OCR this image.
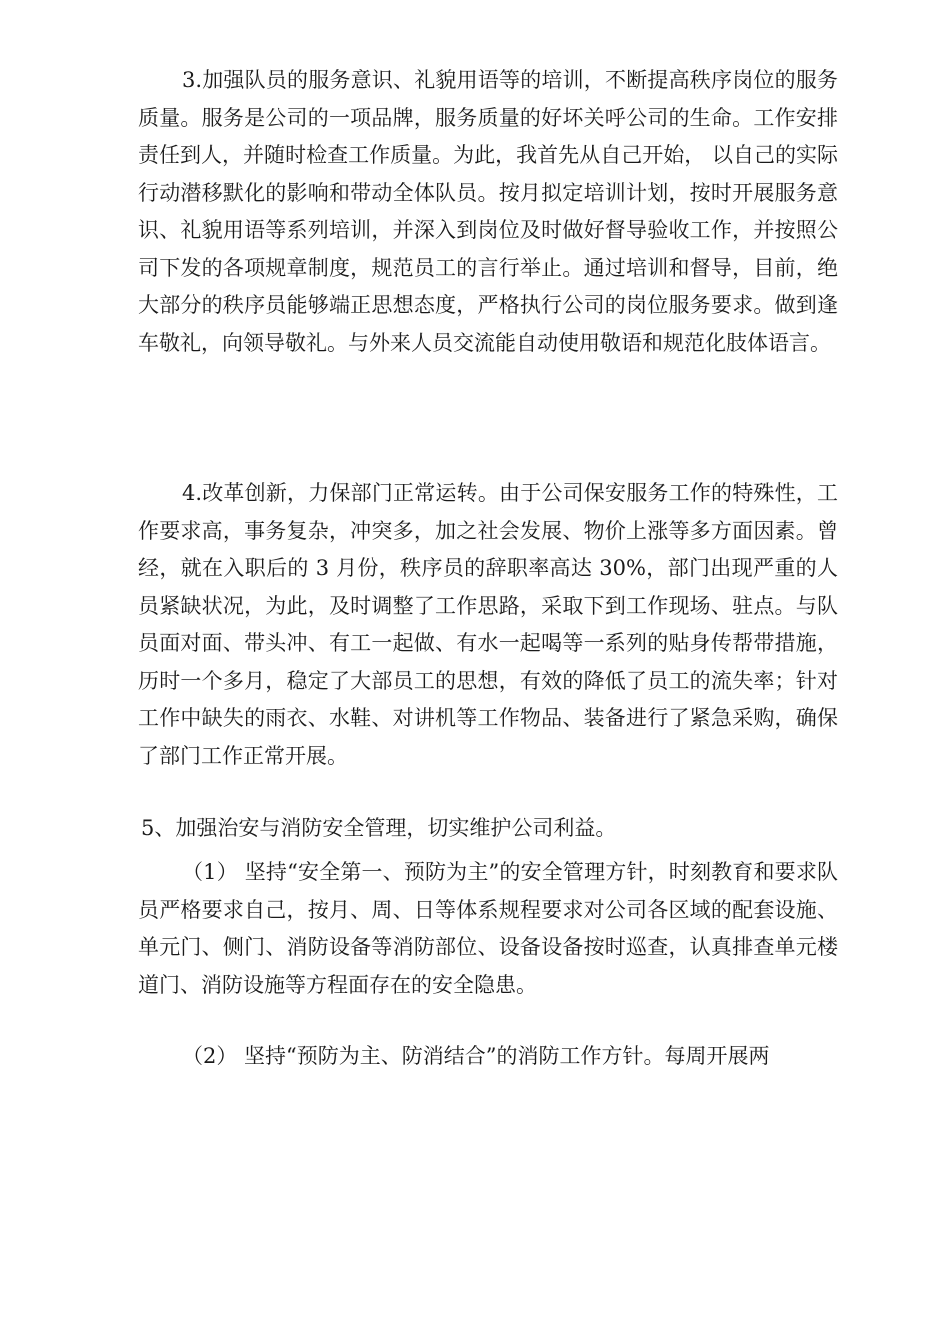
3.加强队员的服务意识、礼貌用语等的培训，不断提高秩序岗位的服务质量。服务是公司的一项品牌，服务质量的好坏关呼公司的生命。工作安排责任到人，并随时检查工作质量。为此，我首先从自己开始， 以自己的实际行动潜移默化的影响和带动全体队员。按月拟定培训计划，按时开展服务意识、礼貌用语等系列培训，并深入到岗位及时做好督导验收工作，并按照公司下发的各项规章制度，规范员工的言行举止。通过培训和督导，目前，绝大部分的秩序员能够端正思想态度，严格执行公司的岗位服务要求。做到逢车敬礼，向领导敬礼。与外来人员交流能自动使用敬语和规范化肢体语言。

4.改革创新，力保部门正常运转。由于公司保安服务工作的特殊性，工作要求高，事务复杂，冲突多，加之社会发展、物价上涨等多方面因素。曾经，就在入职后的 3 月份，秩序员的辞职率高达 30%，部门出现严重的人员紧缺状况，为此，及时调整了工作思路，采取下到工作现场、驻点。与队员面对面、带头冲、有工一起做、有水一起喝等一系列的贴身传帮带措施，历时一个多月，稳定了大部员工的思想，有效的降低了员工的流失率；针对工作中缺失的雨衣、水鞋、对讲机等工作物品、装备进行了紧急采购，确保了部门工作正常开展。

5、加强治安与消防安全管理，切实维护公司利益。

（1） 坚持“安全第一、预防为主”的安全管理方针，时刻教育和要求队员严格要求自己，按月、周、日等体系规程要求对公司各区域的配套设施、单元门、侧门、消防设备等消防部位、设备设备按时巡查，认真排查单元楼道门、消防设施等方程面存在的安全隐患。

（2） 坚持“预防为主、防消结合”的消防工作方针。每周开展两
